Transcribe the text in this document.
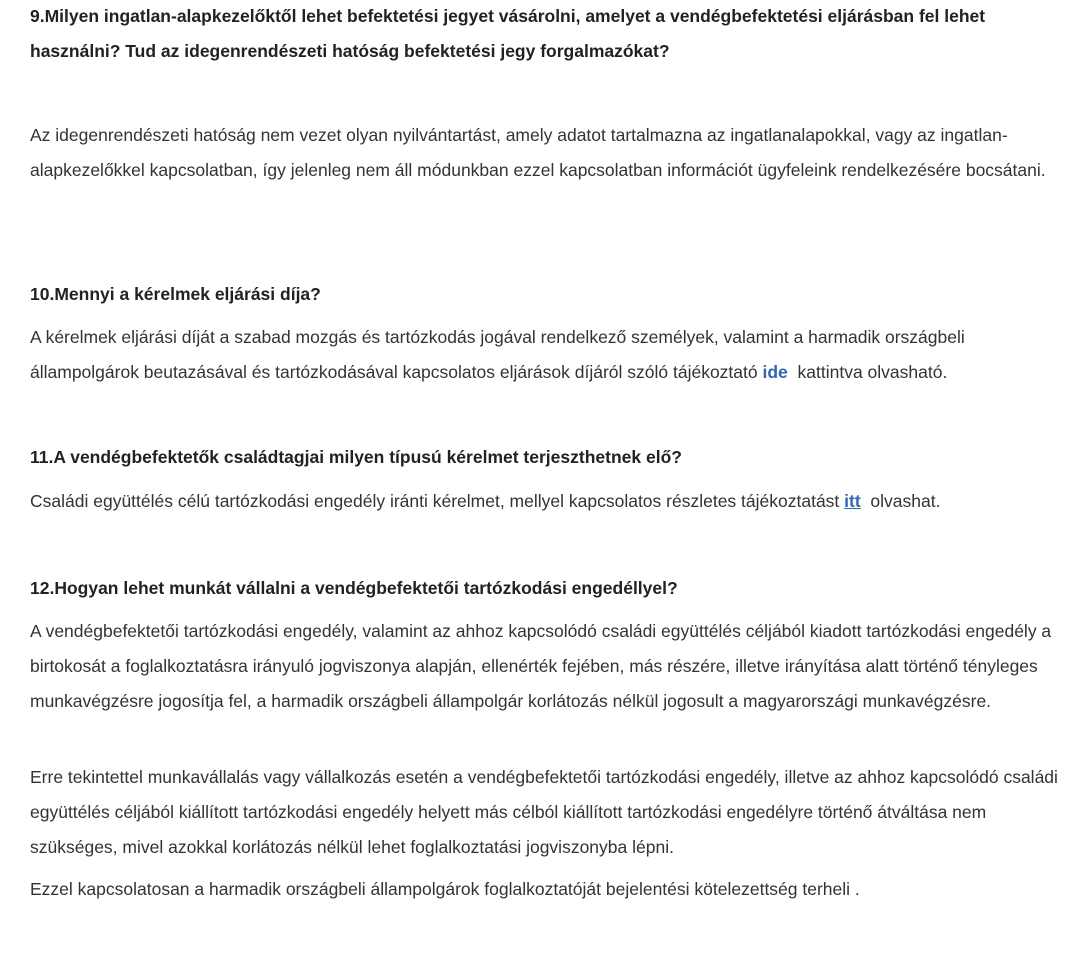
9.Milyen ingatlan-alapkezelőktől lehet befektetési jegyet vásárolni, amelyet a vendégbefektetési eljárásban fel lehet használni? Tud az idegenrendészeti hatóság befektetési jegy forgalmazókat?

Az idegenrendészeti hatóság nem vezet olyan nyilvántartást, amely adatot tartalmazna az ingatlanalapokkal, vagy az ingatlan-alapkezelőkkel kapcsolatban, így jelenleg nem áll módunkban ezzel kapcsolatban információt ügyfeleink rendelkezésére bocsátani.

10.Mennyi a kérelmek eljárási díja?

A kérelmek eljárási díját a szabad mozgás és tartózkodás jogával rendelkező személyek, valamint a harmadik országbeli állampolgárok beutazásával és tartózkodásával kapcsolatos eljárások díjáról szóló tájékoztató ide  kattintva olvasható.

11.A vendégbefektetők családtagjai milyen típusú kérelmet terjeszthetnek elő?

Családi együttélés célú tartózkodási engedély iránti kérelmet, mellyel kapcsolatos részletes tájékoztatást itt  olvashat.

12.Hogyan lehet munkát vállalni a vendégbefektetői tartózkodási engedéllyel?

A vendégbefektetői tartózkodási engedély, valamint az ahhoz kapcsolódó családi együttélés céljából kiadott tartózkodási engedély a birtokosát a foglalkoztatásra irányuló jogviszonya alapján, ellenérték fejében, más részére, illetve irányítása alatt történő tényleges munkavégzésre jogosítja fel, a harmadik országbeli állampolgár korlátozás nélkül jogosult a magyarországi munkavégzésre.

Erre tekintettel munkavállalás vagy vállalkozás esetén a vendégbefektetői tartózkodási engedély, illetve az ahhoz kapcsolódó családi együttélés céljából kiállított tartózkodási engedély helyett más célból kiállított tartózkodási engedélyre történő átváltása nem szükséges, mivel azokkal korlátozás nélkül lehet foglalkoztatási jogviszonyba lépni.

Ezzel kapcsolatosan a harmadik országbeli állampolgárok foglalkoztatóját bejelentési kötelezettség terheli .
